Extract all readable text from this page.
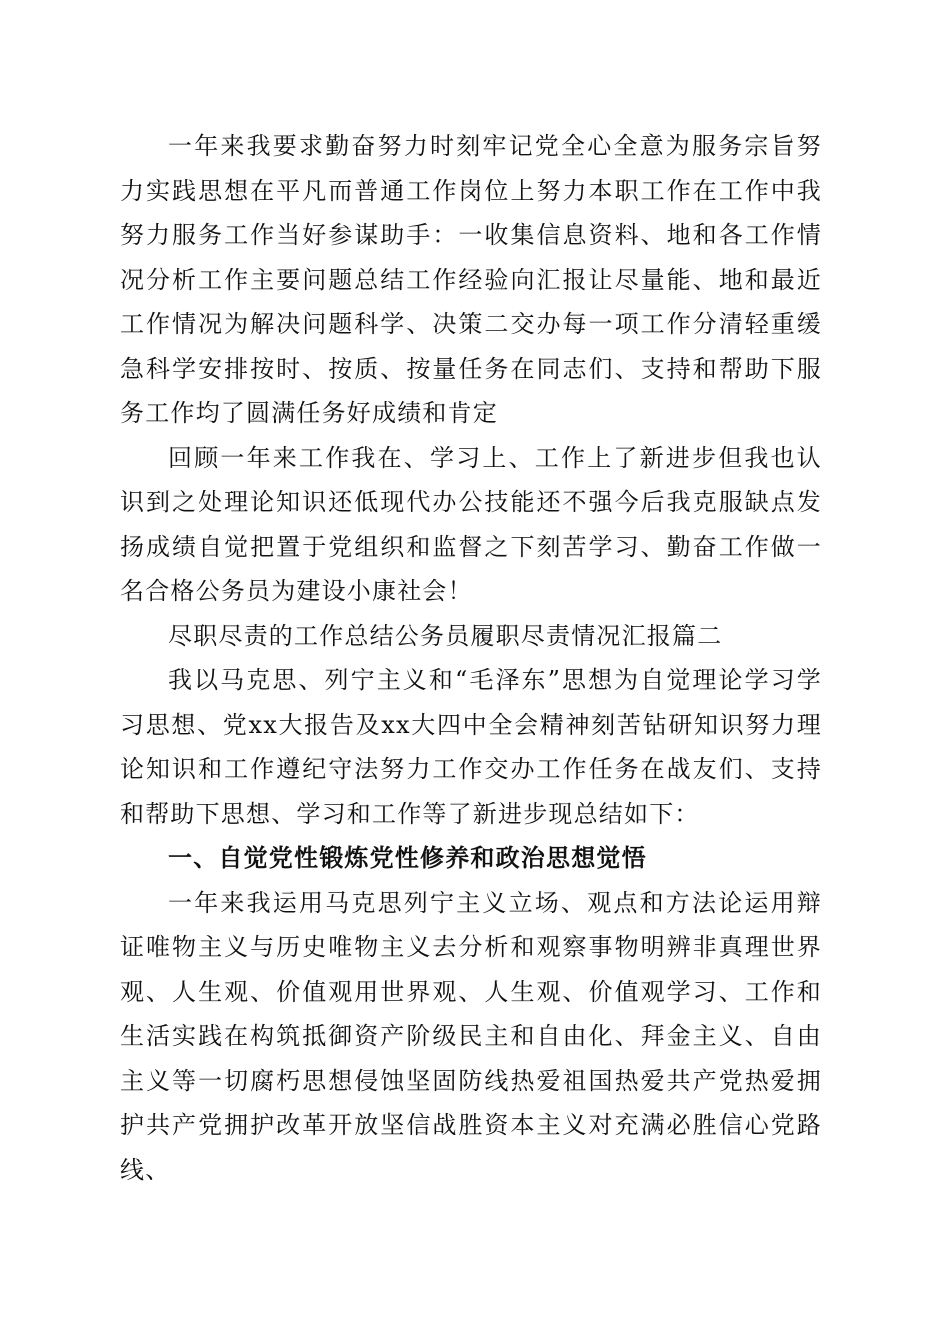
一年来我要求勤奋努力时刻牢记党全心全意为服务宗旨努力实践思想在平凡而普通工作岗位上努力本职工作在工作中我努力服务工作当好参谋助手：一收集信息资料、地和各工作情况分析工作主要问题总结工作经验向汇报让尽量能、地和最近工作情况为解决问题科学、决策二交办每一项工作分清轻重缓急科学安排按时、按质、按量任务在同志们、支持和帮助下服务工作均了圆满任务好成绩和肯定

回顾一年来工作我在、学习上、工作上了新进步但我也认识到之处理论知识还低现代办公技能还不强今后我克服缺点发扬成绩自觉把置于党组织和监督之下刻苦学习、勤奋工作做一名合格公务员为建设小康社会！

尽职尽责的工作总结公务员履职尽责情况汇报篇二

我以马克思、列宁主义和“毛泽东”思想为自觉理论学习学习思想、党xx大报告及xx大四中全会精神刻苦钻研知识努力理论知识和工作遵纪守法努力工作交办工作任务在战友们、支持和帮助下思想、学习和工作等了新进步现总结如下：

一、自觉党性锻炼党性修养和政治思想觉悟

一年来我运用马克思列宁主义立场、观点和方法论运用辩证唯物主义与历史唯物主义去分析和观察事物明辨非真理世界观、人生观、价值观用世界观、人生观、价值观学习、工作和生活实践在构筑抵御资产阶级民主和自由化、拜金主义、自由主义等一切腐朽思想侵蚀坚固防线热爱祖国热爱共产党热爱拥护共产党拥护改革开放坚信战胜资本主义对充满必胜信心党路线、
